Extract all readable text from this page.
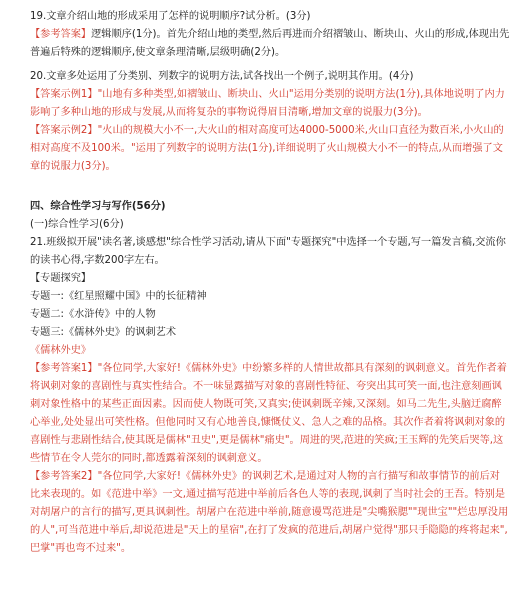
19.文章介绍山地的形成采用了怎样的说明顺序?试分析。(3分)

【参考答案】逻辑顺序(1分)。首先介绍山地的类型,然后再进而介绍褶皱山、断块山、火山的形成,体现出先普遍后特殊的逻辑顺序,使文章条理清晰,层级明确(2分)。

20.文章多处运用了分类别、列数字的说明方法,试各找出一个例子,说明其作用。(4分)

【答案示例1】"山地有多种类型,如褶皱山、断块山、火山"运用分类别的说明方法(1分),具体地说明了内力影响了多种山地的形成与发展,从而将复杂的事物说得眉目清晰,增加文章的说服力(3分)。

【答案示例2】"火山的规模大小不一,大火山的相对高度可达4000-5000米,火山口直径为数百米,小火山的相对高度不及100米。"运用了列数字的说明方法(1分),详细说明了火山规模大小不一的特点,从而增强了文章的说服力(3分)。

四、综合性学习与写作(56分)

(一)综合性学习(6分)

21.班级拟开展"读名著,谈感想"综合性学习活动,请从下面"专题探究"中选择一个专题,写一篇发言稿,交流你的读书心得,字数200字左右。

【专题探究】

专题一:《红星照耀中国》中的长征精神

专题二:《水浒传》中的人物

专题三:《儒林外史》的讽刺艺术

《儒林外史》

【参考答案1】"各位同学,大家好!《儒林外史》中纷繁多样的人情世故都具有深刻的讽刺意义。首先作者着将讽刺对象的喜剧性与真实性结合。不一味显露描写对象的喜剧性特征、夸突出其可笑一面,也注意刻画讽刺对象性格中的某些正面因素。因而使人物既可笑,又真实;使讽刺既辛辣,又深刻。如马二先生,头脑迂腐醉心举业,处处显出可笑性格。但他同时又有心地善良,慷慨仗义、急人之难的品格。其次作者着将讽刺对象的喜剧性与悲剧性结合,使其既是儒林"丑史",更是儒林"痛史"。周进的哭,范进的笑疯;王玉辉的先笑后哭等,这些情节在令人莞尔的同时,都透露着深刻的讽刺意义。

【参考答案2】"各位同学,大家好!《儒林外史》的讽刺艺术,是通过对人物的言行描写和故事情节的前后对比来表现的。如《范进中举》一文,通过描写范进中举前后各色人等的表现,讽刺了当时社会的王吾。特别是对胡屠户的言行的描写,更具讽刺性。胡屠户在范进中举前,随意谩骂范进是"尖嘴猴腮""现世宝""烂忠厚没用的人",可当范进中举后,却说范进是"天上的星宿",在打了发疯的范进后,胡屠户觉得"那只手隐隐的疼将起来",巴掌"再也弯不过来"。
